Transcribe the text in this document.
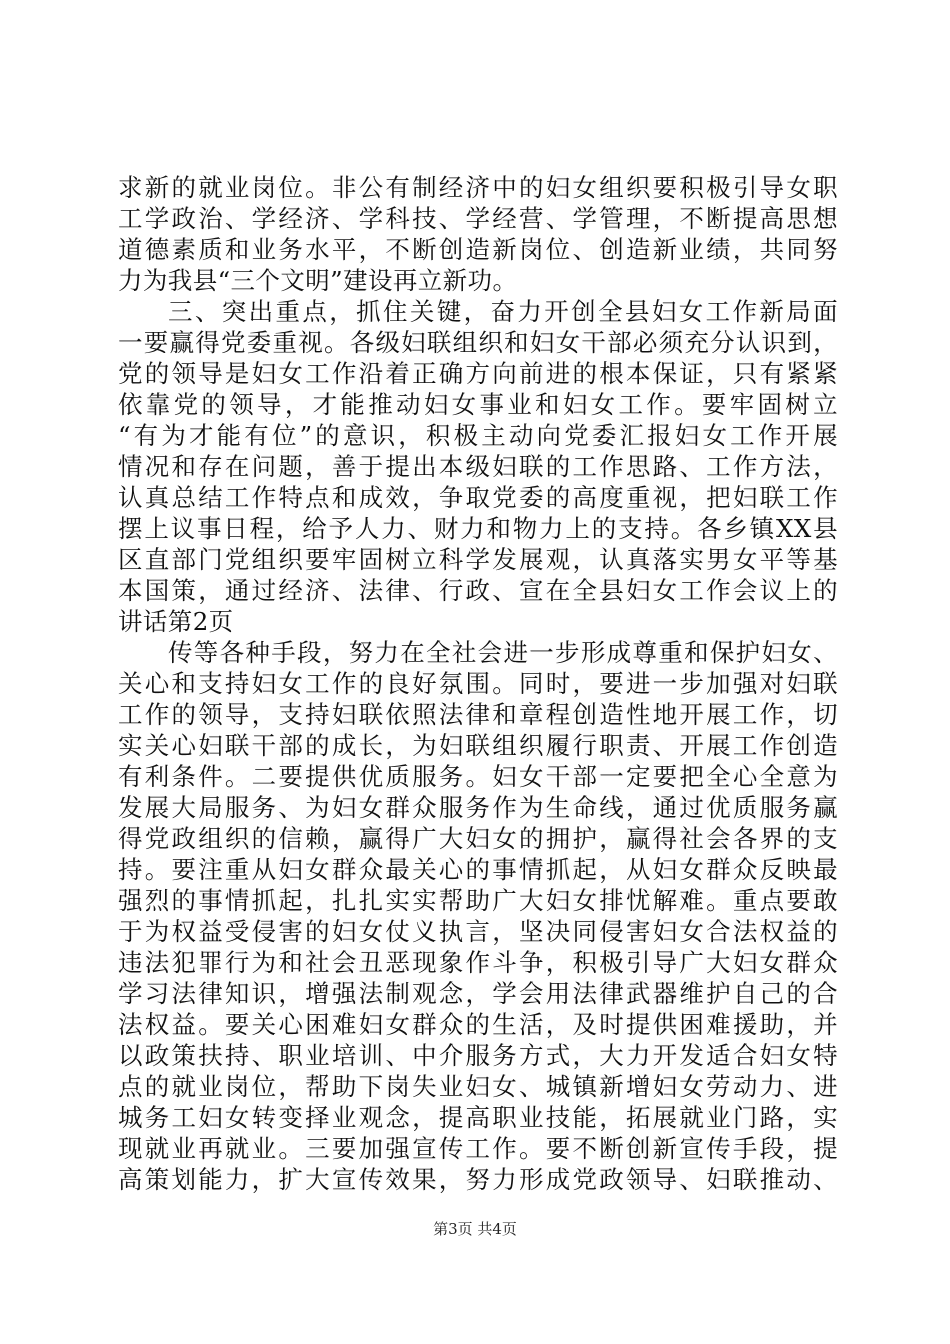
求新的就业岗位。非公有制经济中的妇女组织要积极引导女职
工学政治、学经济、学科技、学经营、学管理，不断提高思想
道德素质和业务水平，不断创造新岗位、创造新业绩，共同努
力为我县“三个文明”建设再立新功。
三、突出重点，抓住关键，奋力开创全县妇女工作新局面
一要赢得党委重视。各级妇联组织和妇女干部必须充分认识到，
党的领导是妇女工作沿着正确方向前进的根本保证，只有紧紧
依靠党的领导，才能推动妇女事业和妇女工作。要牢固树立
“有为才能有位”的意识，积极主动向党委汇报妇女工作开展
情况和存在问题，善于提出本级妇联的工作思路、工作方法，
认真总结工作特点和成效，争取党委的高度重视，把妇联工作
摆上议事日程，给予人力、财力和物力上的支持。各乡镇XX县
区直部门党组织要牢固树立科学发展观，认真落实男女平等基
本国策，通过经济、法律、行政、宣在全县妇女工作会议上的
讲话第2页
传等各种手段，努力在全社会进一步形成尊重和保护妇女、
关心和支持妇女工作的良好氛围。同时，要进一步加强对妇联
工作的领导，支持妇联依照法律和章程创造性地开展工作，切
实关心妇联干部的成长，为妇联组织履行职责、开展工作创造
有利条件。二要提供优质服务。妇女干部一定要把全心全意为
发展大局服务、为妇女群众服务作为生命线，通过优质服务赢
得党政组织的信赖，赢得广大妇女的拥护，赢得社会各界的支
持。要注重从妇女群众最关心的事情抓起，从妇女群众反映最
强烈的事情抓起，扎扎实实帮助广大妇女排忧解难。重点要敢
于为权益受侵害的妇女仗义执言，坚决同侵害妇女合法权益的
违法犯罪行为和社会丑恶现象作斗争，积极引导广大妇女群众
学习法律知识，增强法制观念，学会用法律武器维护自己的合
法权益。要关心困难妇女群众的生活，及时提供困难援助，并
以政策扶持、职业培训、中介服务方式，大力开发适合妇女特
点的就业岗位，帮助下岗失业妇女、城镇新增妇女劳动力、进
城务工妇女转变择业观念，提高职业技能，拓展就业门路，实
现就业再就业。三要加强宣传工作。要不断创新宣传手段，提
高策划能力，扩大宣传效果，努力形成党政领导、妇联推动、
第3页 共4页
